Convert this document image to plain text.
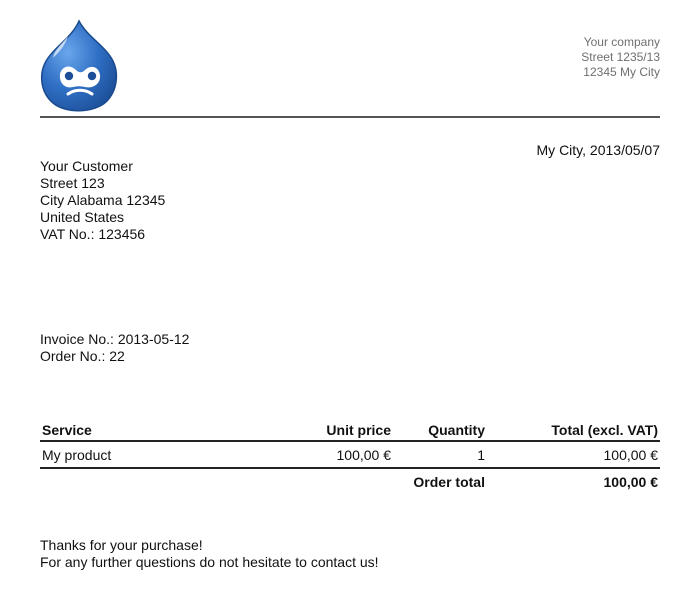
Your company
Street 1235/13
12345 My City
My City, 2013/05/07
Your Customer
Street 123
City Alabama 12345
United States
VAT No.: 123456
Invoice No.: 2013-05-12
Order No.: 22
Service	Unit price	Quantity	Total (excl. VAT)
My product	100,00 €	1	100,00 €
		Order total	100,00 €
Thanks for your purchase!
For any further questions do not hesitate to contact us!
